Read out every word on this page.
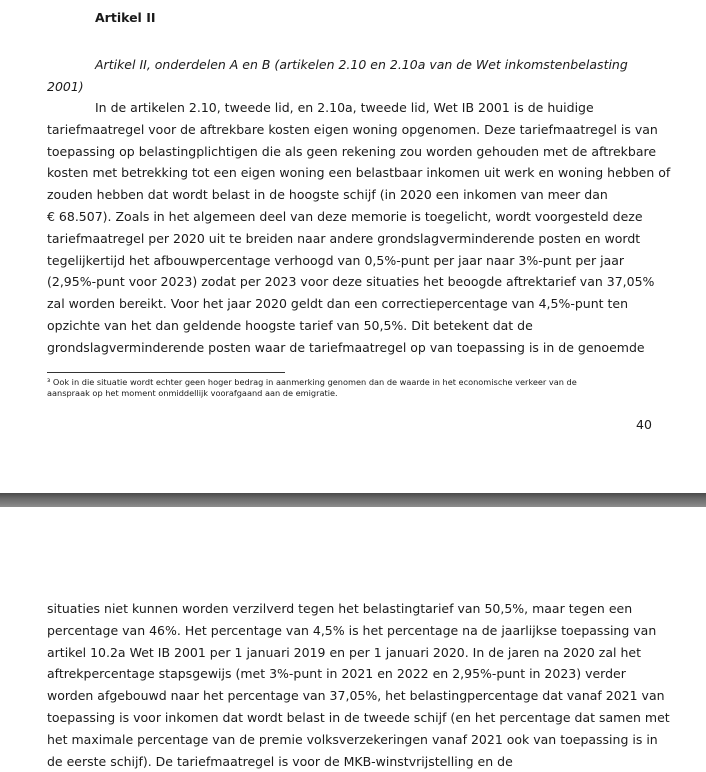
Artikel II

Artikel II, onderdelen A en B (artikelen 2.10 en 2.10a van de Wet inkomstenbelasting
2001)

In de artikelen 2.10, tweede lid, en 2.10a, tweede lid, Wet IB 2001 is de huidige
tariefmaatregel voor de aftrekbare kosten eigen woning opgenomen. Deze tariefmaatregel is van
toepassing op belastingplichtigen die als geen rekening zou worden gehouden met de aftrekbare
kosten met betrekking tot een eigen woning een belastbaar inkomen uit werk en woning hebben of
zouden hebben dat wordt belast in de hoogste schijf (in 2020 een inkomen van meer dan
€ 68.507). Zoals in het algemeen deel van deze memorie is toegelicht, wordt voorgesteld deze
tariefmaatregel per 2020 uit te breiden naar andere grondslagverminderende posten en wordt
tegelijkertijd het afbouwpercentage verhoogd van 0,5%-punt per jaar naar 3%-punt per jaar
(2,95%-punt voor 2023) zodat per 2023 voor deze situaties het beoogde aftrektarief van 37,05%
zal worden bereikt. Voor het jaar 2020 geldt dan een correctiepercentage van 4,5%-punt ten
opzichte van het dan geldende hoogste tarief van 50,5%. Dit betekent dat de
grondslagverminderende posten waar de tariefmaatregel op van toepassing is in de genoemde

³ Ook in die situatie wordt echter geen hoger bedrag in aanmerking genomen dan de waarde in het economische verkeer van de
aanspraak op het moment onmiddellijk voorafgaand aan de emigratie.

40

situaties niet kunnen worden verzilverd tegen het belastingtarief van 50,5%, maar tegen een
percentage van 46%. Het percentage van 4,5% is het percentage na de jaarlijkse toepassing van
artikel 10.2a Wet IB 2001 per 1 januari 2019 en per 1 januari 2020. In de jaren na 2020 zal het
aftrekpercentage stapsgewijs (met 3%-punt in 2021 en 2022 en 2,95%-punt in 2023) verder
worden afgebouwd naar het percentage van 37,05%, het belastingpercentage dat vanaf 2021 van
toepassing is voor inkomen dat wordt belast in de tweede schijf (en het percentage dat samen met
het maximale percentage van de premie volksverzekeringen vanaf 2021 ook van toepassing is in
de eerste schijf). De tariefmaatregel is voor de MKB-winstvrijstelling en de
